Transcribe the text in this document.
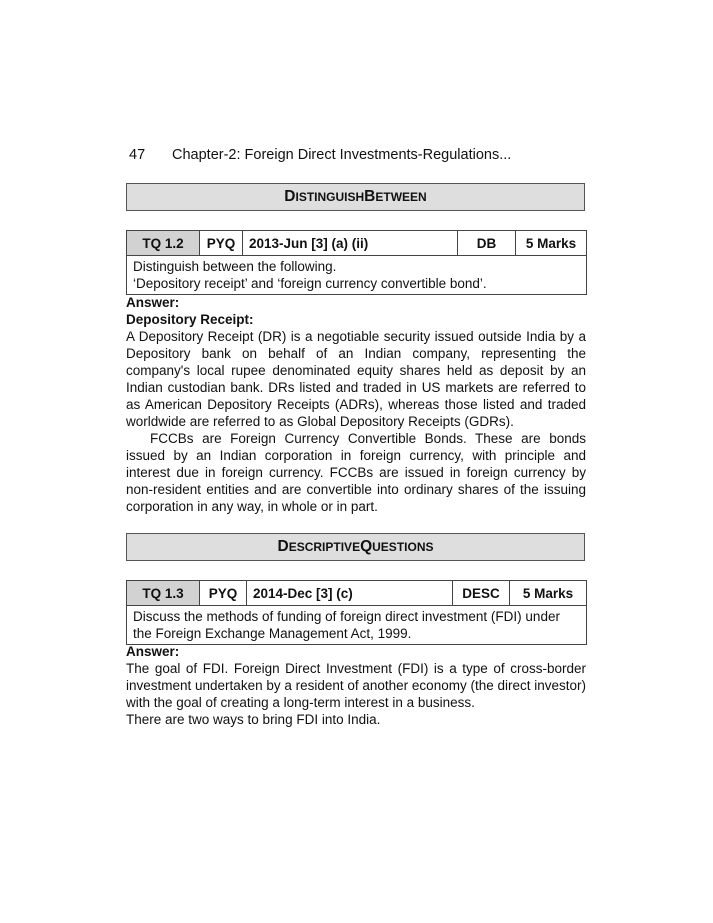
47 Chapter-2: Foreign Direct Investments-Regulations...
D ISTINGUISH B ETWEEN
TQ 1.2	PYQ	2013-Jun [3] (a) (ii)	DB	5 Marks

Distinguish between the following.
‘Depository receipt’ and ‘foreign currency convertible bond’.

Answer:

Depository Receipt:

A Depository Receipt (DR) is a negotiable security issued outside India by a Depository bank on behalf of an Indian company, representing the company's local rupee denominated equity shares held as deposit by an Indian custodian bank. DRs listed and traded in US markets are referred to as American Depository Receipts (ADRs), whereas those listed and traded worldwide are referred to as Global Depository Receipts (GDRs).

FCCBs are Foreign Currency Convertible Bonds. These are bonds issued by an Indian corporation in foreign currency, with principle and interest due in foreign currency. FCCBs are issued in foreign currency by non-resident entities and are convertible into ordinary shares of the issuing corporation in any way, in whole or in part.

D ESCRIPTIVE Q UESTIONS
TQ 1.3	PYQ	2014-Dec [3] (c)	DESC	5 Marks

Discuss the methods of funding of foreign direct investment (FDI) under
the Foreign Exchange Management Act, 1999.

Answer:

The goal of FDI. Foreign Direct Investment (FDI) is a type of cross-border investment undertaken by a resident of another economy (the direct investor) with the goal of creating a long-term interest in a business.

There are two ways to bring FDI into India.
